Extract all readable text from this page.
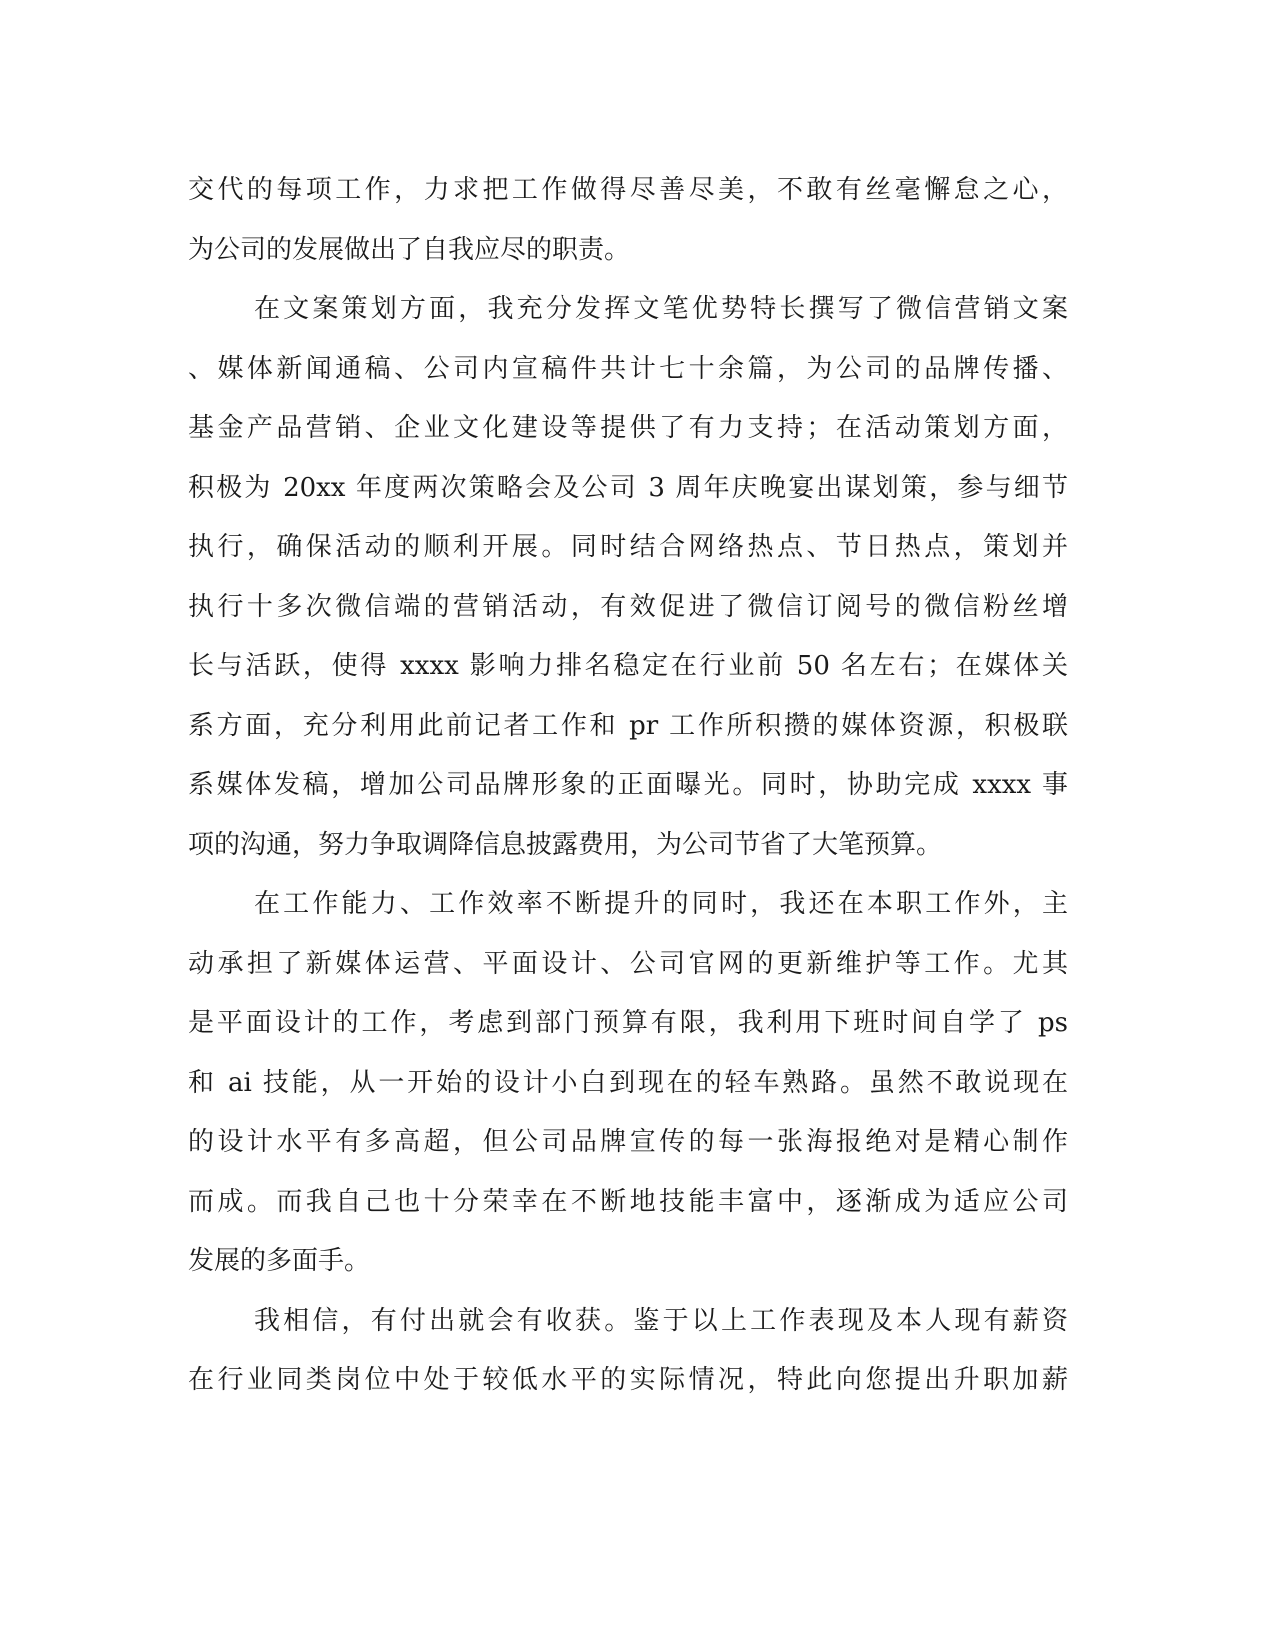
交代的每项工作，力求把工作做得尽善尽美，不敢有丝毫懈怠之心，
为公司的发展做出了自我应尽的职责。
在文案策划方面，我充分发挥文笔优势特长撰写了微信营销文案
、媒体新闻通稿、公司内宣稿件共计七十余篇，为公司的品牌传播、
基金产品营销、企业文化建设等提供了有力支持；在活动策划方面，
积极为 20xx 年度两次策略会及公司 3 周年庆晚宴出谋划策，参与细节
执行，确保活动的顺利开展。同时结合网络热点、节日热点，策划并
执行十多次微信端的营销活动，有效促进了微信订阅号的微信粉丝增
长与活跃，使得 xxxx 影响力排名稳定在行业前 50 名左右；在媒体关
系方面，充分利用此前记者工作和 pr 工作所积攒的媒体资源，积极联
系媒体发稿，增加公司品牌形象的正面曝光。同时，协助完成 xxxx 事
项的沟通，努力争取调降信息披露费用，为公司节省了大笔预算。
在工作能力、工作效率不断提升的同时，我还在本职工作外，主
动承担了新媒体运营、平面设计、公司官网的更新维护等工作。尤其
是平面设计的工作，考虑到部门预算有限，我利用下班时间自学了 ps
和 ai 技能，从一开始的设计小白到现在的轻车熟路。虽然不敢说现在
的设计水平有多高超，但公司品牌宣传的每一张海报绝对是精心制作
而成。而我自己也十分荣幸在不断地技能丰富中，逐渐成为适应公司
发展的多面手。
我相信，有付出就会有收获。鉴于以上工作表现及本人现有薪资
在行业同类岗位中处于较低水平的实际情况，特此向您提出升职加薪
